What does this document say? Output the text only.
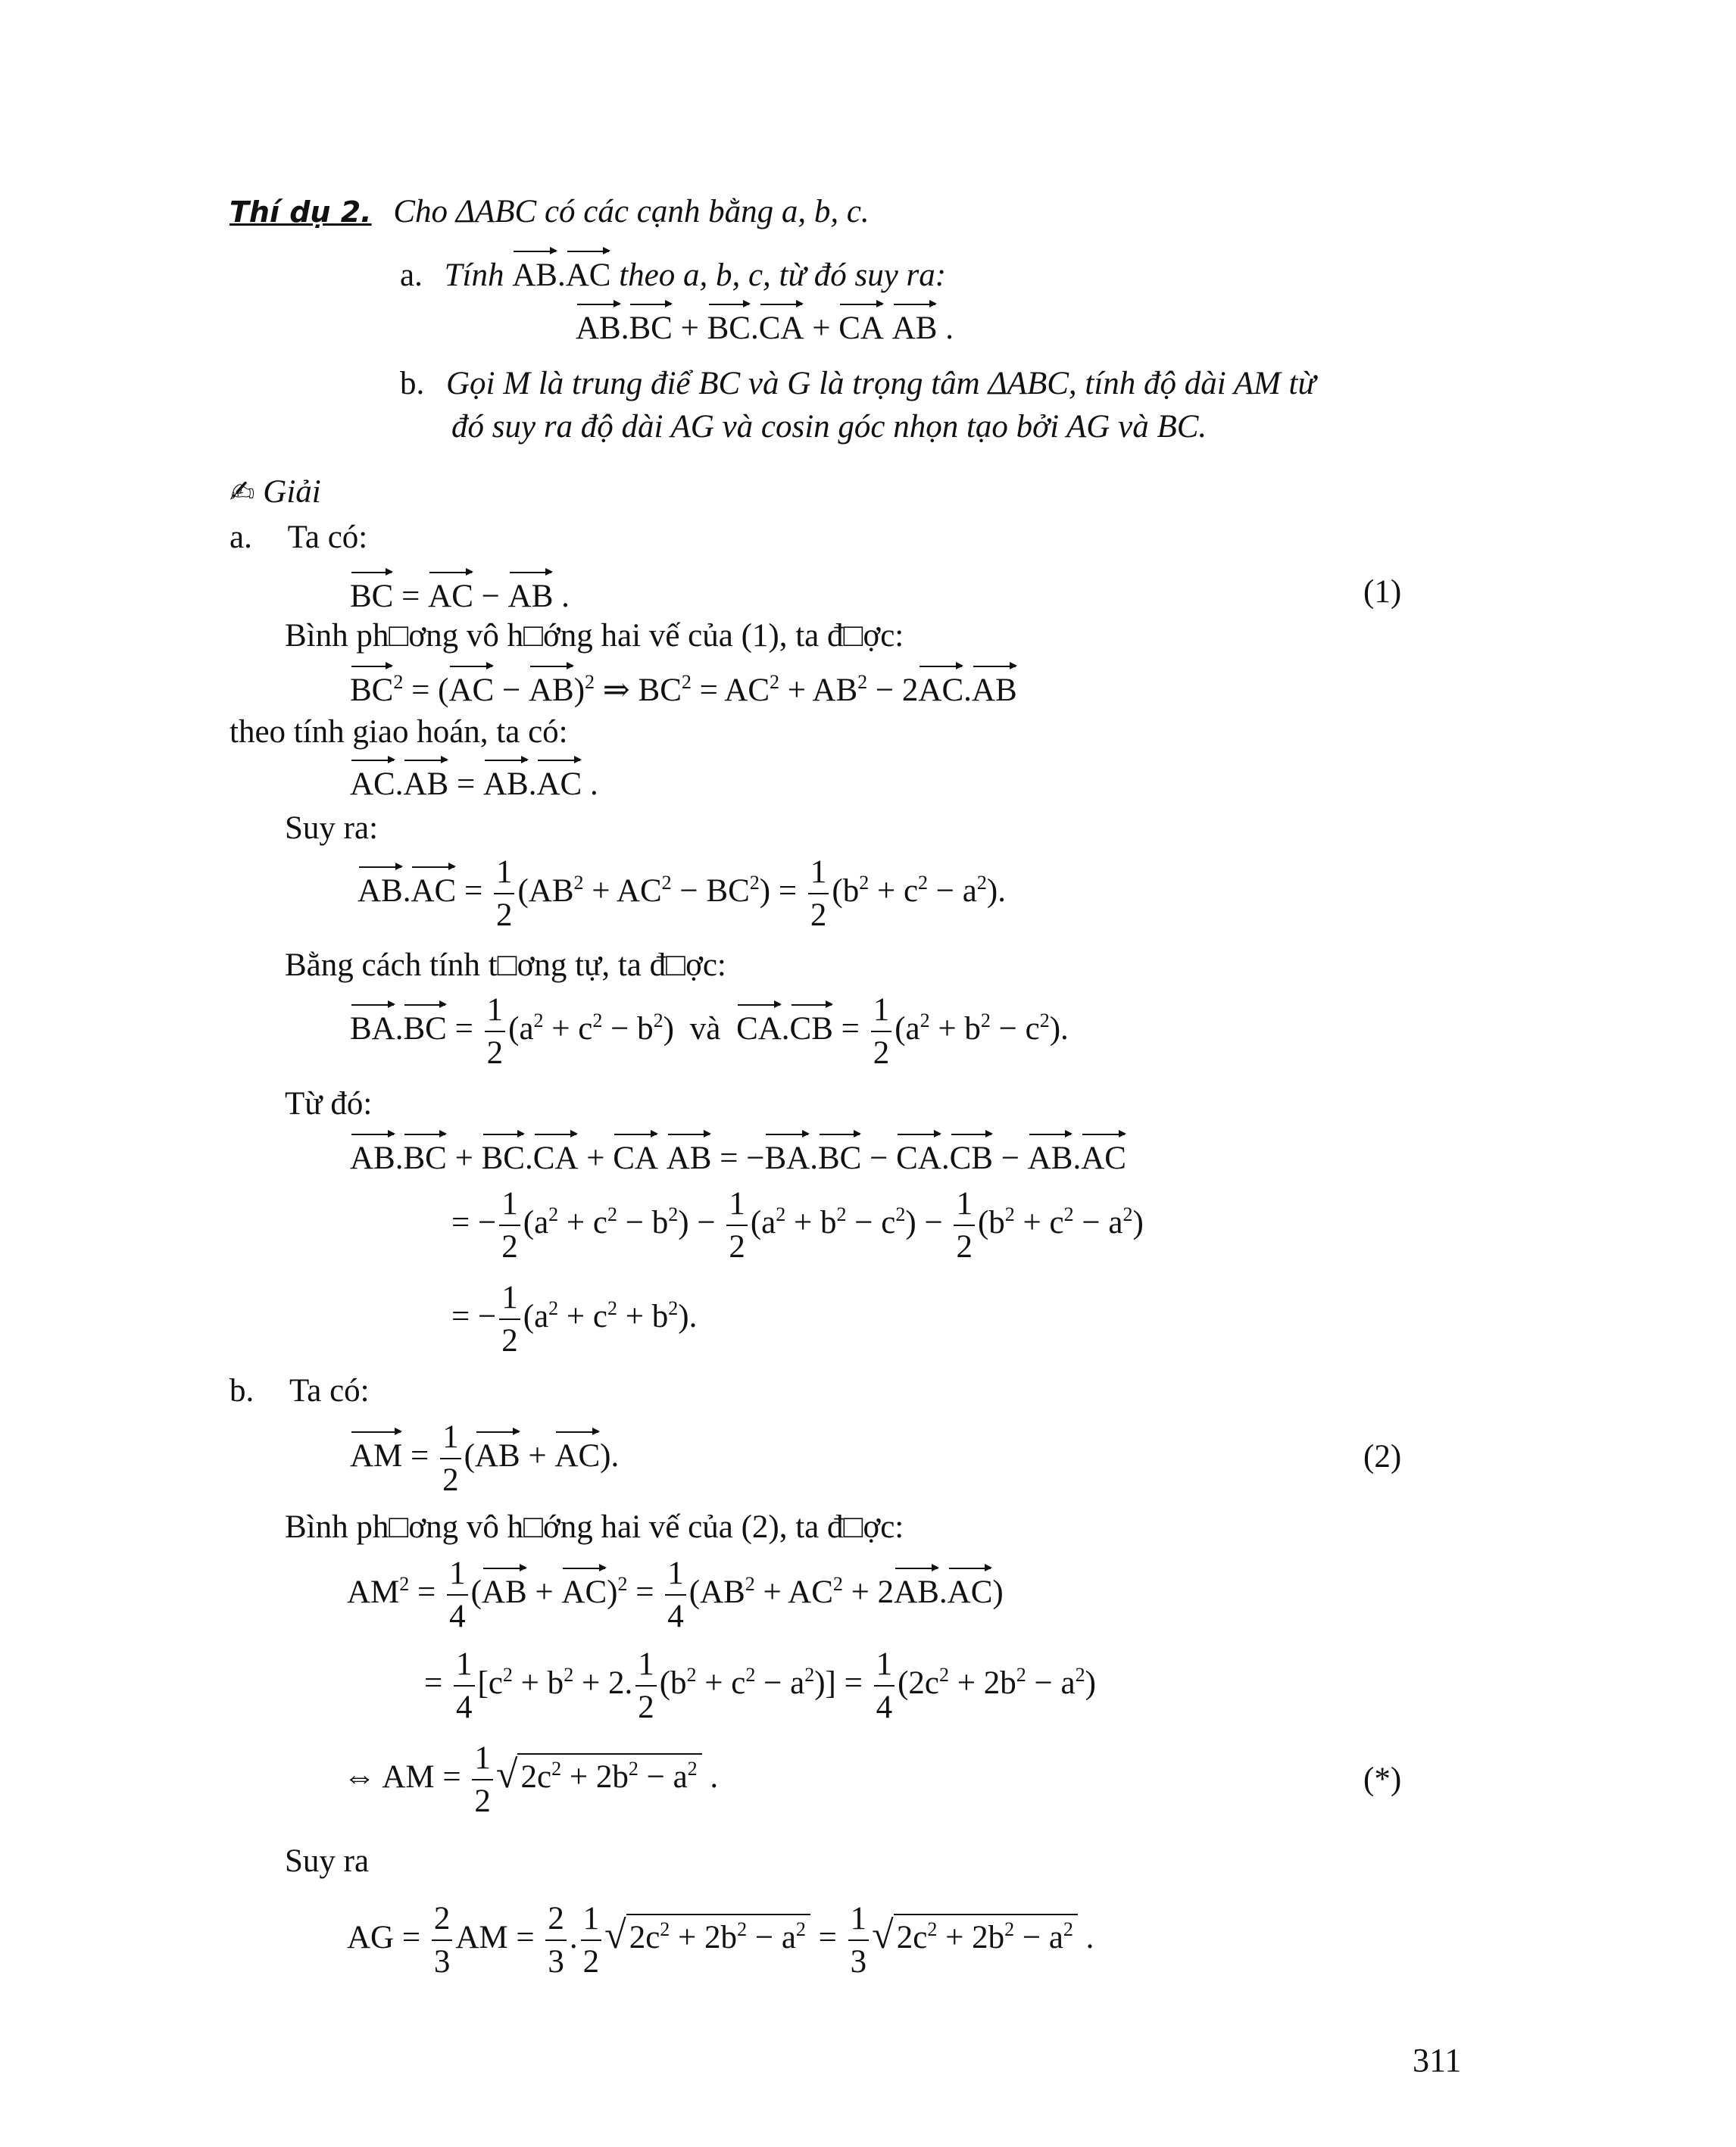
Thí dụ 2. Cho ΔABC có các cạnh bằng a, b, c.
a. Tính AB.AC theo a, b, c, từ đó suy ra:
AB.BC + BC.CA + CA AB .
b. Gọi M là trung điể BC và G là trọng tâm ΔABC, tính độ dài AM từ
đó suy ra độ dài AG và cosin góc nhọn tạo bởi AG và BC.
✍ Giải
a. Ta có:
BC = AC − AB .	(1)
Bình ph□ơng vô h□ớng hai vế của (1), ta đ□ợc:
$BC^2 = (AC - AB)^2$ ⇒ $BC^2 = AC^2 + AB^2 - 2AC.AB$
theo tính giao hoán, ta có:
AC.AB = AB.AC .
Suy ra:
$AB.AC = \frac{1}{2} (AB^2 + AC^2 - BC^2) = \frac{1}{2} (b^2 + c^2 - a^2)$.
Bằng cách tính t□ơng tự, ta đ□ợc:
$BA.BC = \frac{1}{2} (a^2 + c^2 - b^2)$ và $CA.CB = \frac{1}{2} (a^2 + b^2 - c^2)$.
Từ đó:
AB.BC + BC.CA + CA AB = −BA.BC − CA.CB − AB.AC
= − $\frac{1}{2} (a^2 + c^2 - b^2) - \frac{1}{2} (a^2 + b^2 - c^2) - \frac{1}{2} (b^2 + c^2 - a^2)$
= − $\frac{1}{2} (a^2 + c^2 + b^2)$.
b. Ta có:
AM = $\frac{1}{2} (AB + AC)$.	(2)
Bình ph□ơng vô h□ớng hai vế của (2), ta đ□ợc:
$AM^2 = \frac{1}{4} (AB + AC)^2 = \frac{1}{4} (AB^2 + AC^2 + 2AB.AC)$
= $\frac{1}{4} [c^2 + b^2 + 2$. $\frac{1}{2} (b^2 + c^2 - a^2)] = \frac{1}{4} (2c^2 + 2b^2 - a^2)$
⇔ AM = $\frac{1}{2} √2c^2 + 2b^2 - a^2$ .	(*)
Suy ra
AG = $\frac{2}{3}$ AM = $\frac{2}{3}$ . $\frac{1}{2} √2c^2 + 2b^2 - a^2 = \frac{1}{3} √2c^2 + 2b^2 - a^2$ .
311
